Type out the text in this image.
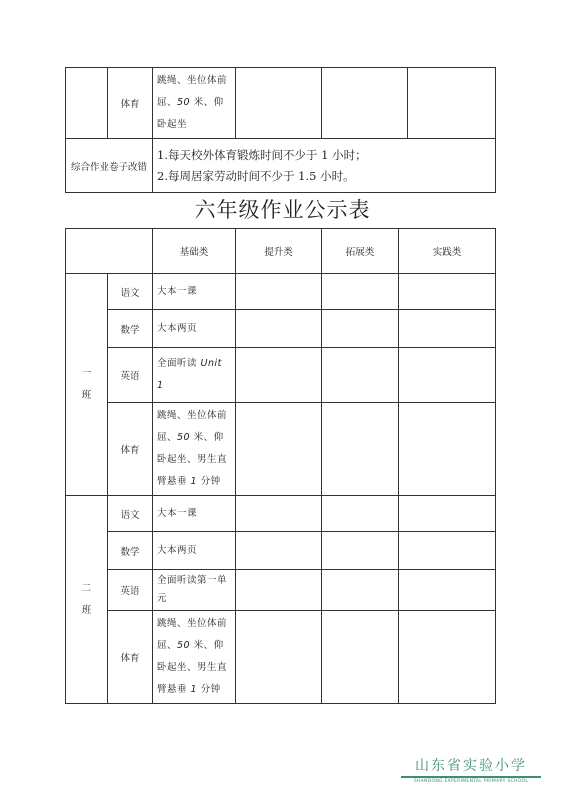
	体育	跳绳、坐位体前
屈、50 米、仰
卧起坐			
综合作业卷子改错		1.每天校外体育锻炼时间不少于 1 小时；
2.每周居家劳动时间不少于 1.5 小时。			
六年级作业公示表
		基础类	提升类	拓展类	实践类
一
班	语文	大本一课			
	数学	大本两页			
	英语	全面听读 Unit
1			
	体育	跳绳、坐位体前
屈、50 米、仰
卧起坐、男生直
臂悬垂 1 分钟			
二
班	语文	大本一课			
	数学	大本两页			
	英语	全面听读第一单
元			
	体育	跳绳、坐位体前
屈、50 米、仰
卧起坐、男生直
臂悬垂 1 分钟			
山东省实验小学
SHANDONG EXPERIMENTAL PRIMARY SCHOOL
